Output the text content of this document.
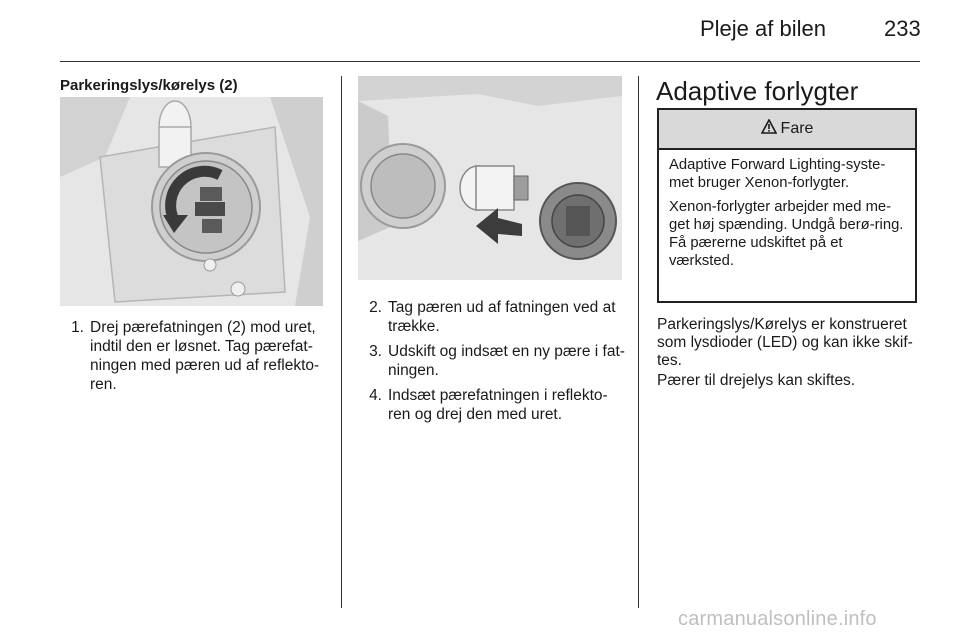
Pleje af bilen	233
Parkeringslys/kørelys (2)
1. Drej pærefatningen (2) mod uret, indtil den er løsnet. Tag pærefat-ningen med pæren ud af reflekto-ren.
2. Tag pæren ud af fatningen ved at trække.
3. Udskift og indsæt en ny pære i fat-ningen.
4. Indsæt pærefatningen i reflekto-ren og drej den med uret.
Adaptive forlygter
Fare

Adaptive Forward Lighting-syste-met bruger Xenon-forlygter.

Xenon-forlygter arbejder med me-get høj spænding. Undgå berø-ring. Få pærerne udskiftet på et værksted.

Parkeringslys/Kørelys er konstrueret som lysdioder (LED) og kan ikke skif-tes.

Pærer til drejelys kan skiftes.

carmanualsonline.info
